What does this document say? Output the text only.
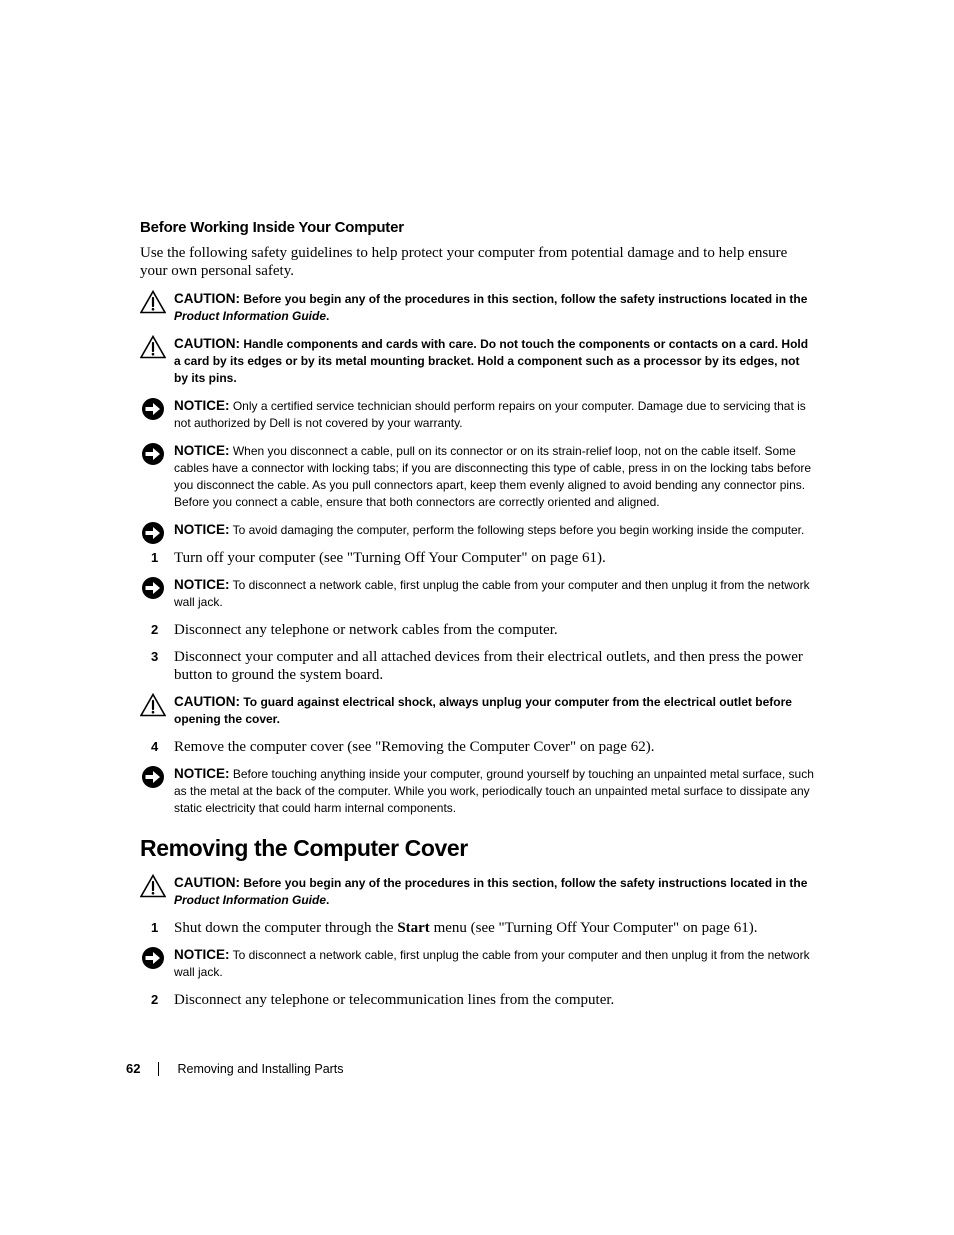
Before Working Inside Your Computer

Use the following safety guidelines to help protect your computer from potential damage and to help ensure your own personal safety.

CAUTION: Before you begin any of the procedures in this section, follow the safety instructions located in the Product Information Guide.
CAUTION: Handle components and cards with care. Do not touch the components or contacts on a card. Hold a card by its edges or by its metal mounting bracket. Hold a component such as a processor by its edges, not by its pins.
NOTICE: Only a certified service technician should perform repairs on your computer. Damage due to servicing that is not authorized by Dell is not covered by your warranty.
NOTICE: When you disconnect a cable, pull on its connector or on its strain-relief loop, not on the cable itself. Some cables have a connector with locking tabs; if you are disconnecting this type of cable, press in on the locking tabs before you disconnect the cable. As you pull connectors apart, keep them evenly aligned to avoid bending any connector pins. Before you connect a cable, ensure that both connectors are correctly oriented and aligned.
NOTICE: To avoid damaging the computer, perform the following steps before you begin working inside the computer.
1 Turn off your computer (see "Turning Off Your Computer" on page 61).
NOTICE: To disconnect a network cable, first unplug the cable from your computer and then unplug it from the network wall jack.
2 Disconnect any telephone or network cables from the computer.
3 Disconnect your computer and all attached devices from their electrical outlets, and then press the power button to ground the system board.
CAUTION: To guard against electrical shock, always unplug your computer from the electrical outlet before opening the cover.
4 Remove the computer cover (see "Removing the Computer Cover" on page 62).
NOTICE: Before touching anything inside your computer, ground yourself by touching an unpainted metal surface, such as the metal at the back of the computer. While you work, periodically touch an unpainted metal surface to dissipate any static electricity that could harm internal components.
Removing the Computer Cover
CAUTION: Before you begin any of the procedures in this section, follow the safety instructions located in the Product Information Guide.
1 Shut down the computer through the Start menu (see "Turning Off Your Computer" on page 61).
NOTICE: To disconnect a network cable, first unplug the cable from your computer and then unplug it from the network wall jack.
2 Disconnect any telephone or telecommunication lines from the computer.
62	Removing and Installing Parts
